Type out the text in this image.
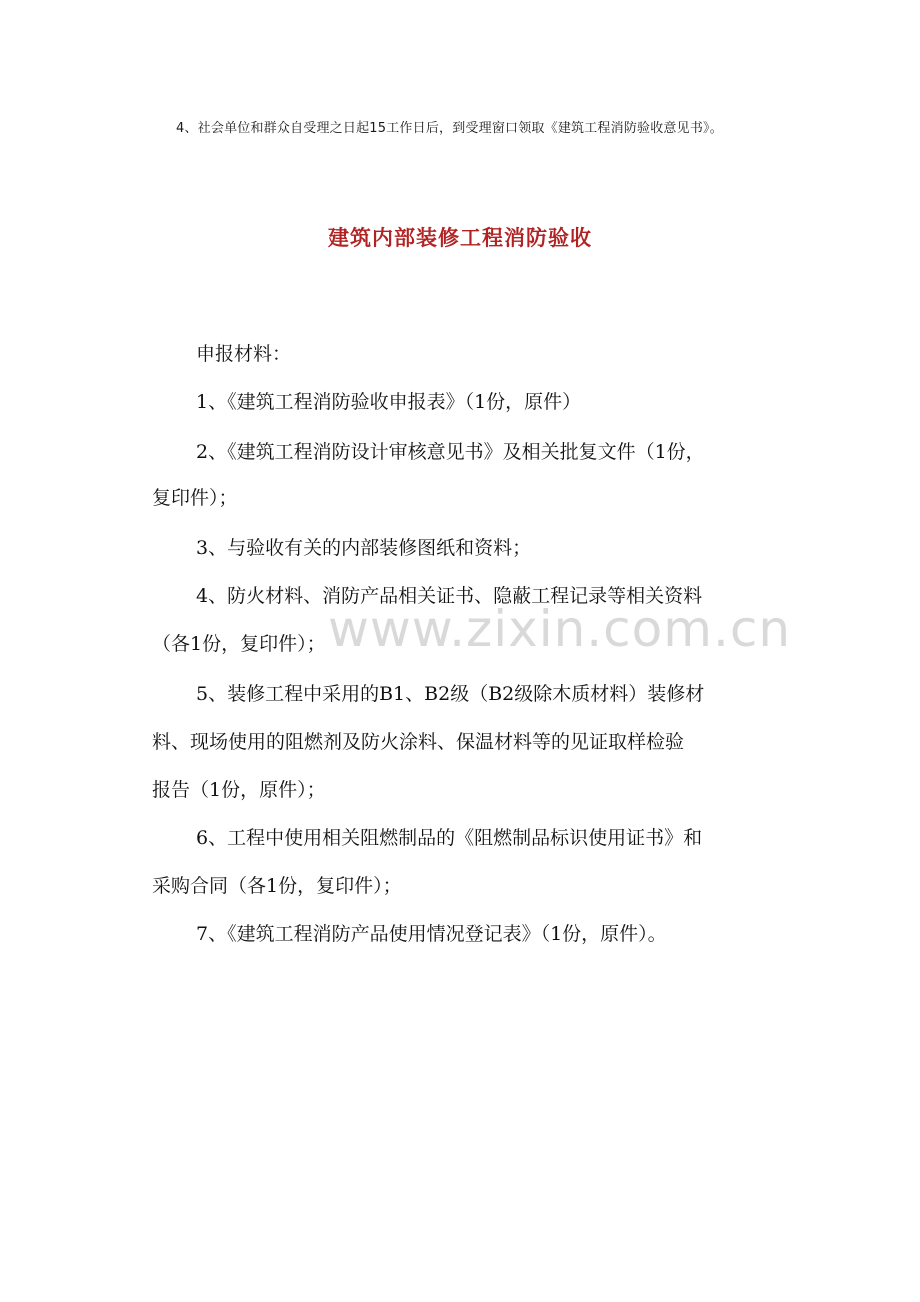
4、社会单位和群众自受理之日起15工作日后，到受理窗口领取《建筑工程消防验收意见书》。
建筑内部装修工程消防验收
申报材料：
1、《建筑工程消防验收申报表》（1份，原件）
2、《建筑工程消防设计审核意见书》及相关批复文件（1份，
复印件）；
3、与验收有关的内部装修图纸和资料；
4、防火材料、消防产品相关证书、隐蔽工程记录等相关资料
（各1份，复印件）；
5、装修工程中采用的B1、B2级（B2级除木质材料）装修材
料、现场使用的阻燃剂及防火涂料、保温材料等的见证取样检验
报告（1份，原件）；
6、工程中使用相关阻燃制品的《阻燃制品标识使用证书》和
采购合同（各1份，复印件）；
7、《建筑工程消防产品使用情况登记表》（1份，原件）。
www.zixin.com.cn
